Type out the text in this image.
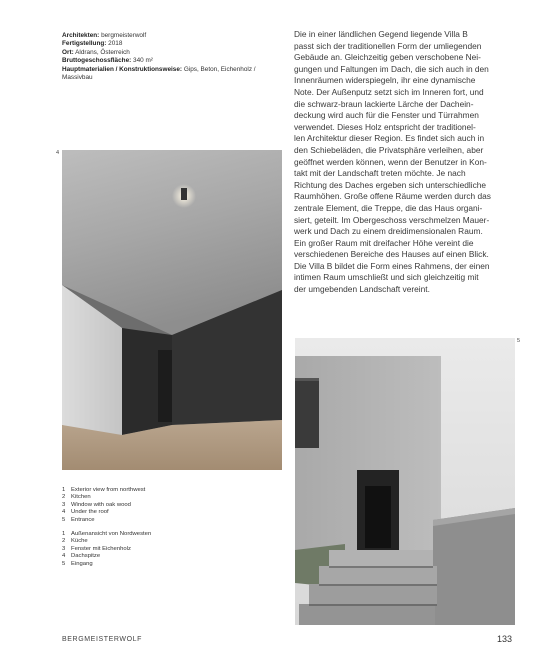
Architekten: bergmeisterwolf
Fertigstellung: 2018
Ort: Aldrans, Österreich
Bruttogeschossfläche: 340 m²
Hauptmaterialien / Konstruktionsweise: Gips, Beton, Eichenholz / Massivbau
Die in einer ländlichen Gegend liegende Villa B
passt sich der traditionellen Form der umliegenden
Gebäude an. Gleichzeitig geben verschobene Nei-
gungen und Faltungen im Dach, die sich auch in den
Innenräumen widerspiegeln, ihr eine dynamische
Note. Der Außenputz setzt sich im Inneren fort, und
die schwarz-braun lackierte Lärche der Dachein-
deckung wird auch für die Fenster und Türrahmen
verwendet. Dieses Holz entspricht der traditionel-
len Architektur dieser Region. Es findet sich auch in
den Schiebeläden, die Privatsphäre verleihen, aber
geöffnet werden können, wenn der Benutzer in Kon-
takt mit der Landschaft treten möchte. Je nach
Richtung des Daches ergeben sich unterschiedliche
Raumhöhen. Große offene Räume werden durch das
zentrale Element, die Treppe, die das Haus organi-
siert, geteilt. Im Obergeschoss verschmelzen Mauer-
werk und Dach zu einem dreidimensionalen Raum.
Ein großer Raum mit dreifacher Höhe vereint die
verschiedenen Bereiche des Hauses auf einen Blick.
Die Villa B bildet die Form eines Rahmens, der einen
intimen Raum umschließt und sich gleichzeitig mit
der umgebenden Landschaft vereint.
4
1 Exterior view from northwest
2 Kitchen
3 Window with oak wood
4 Under the roof
5 Entrance
1 Außenansicht von Nordwesten
2 Küche
3 Fenster mit Eichenholz
4 Dachspitze
5 Eingang
5
BERGMEISTERWOLF	133
